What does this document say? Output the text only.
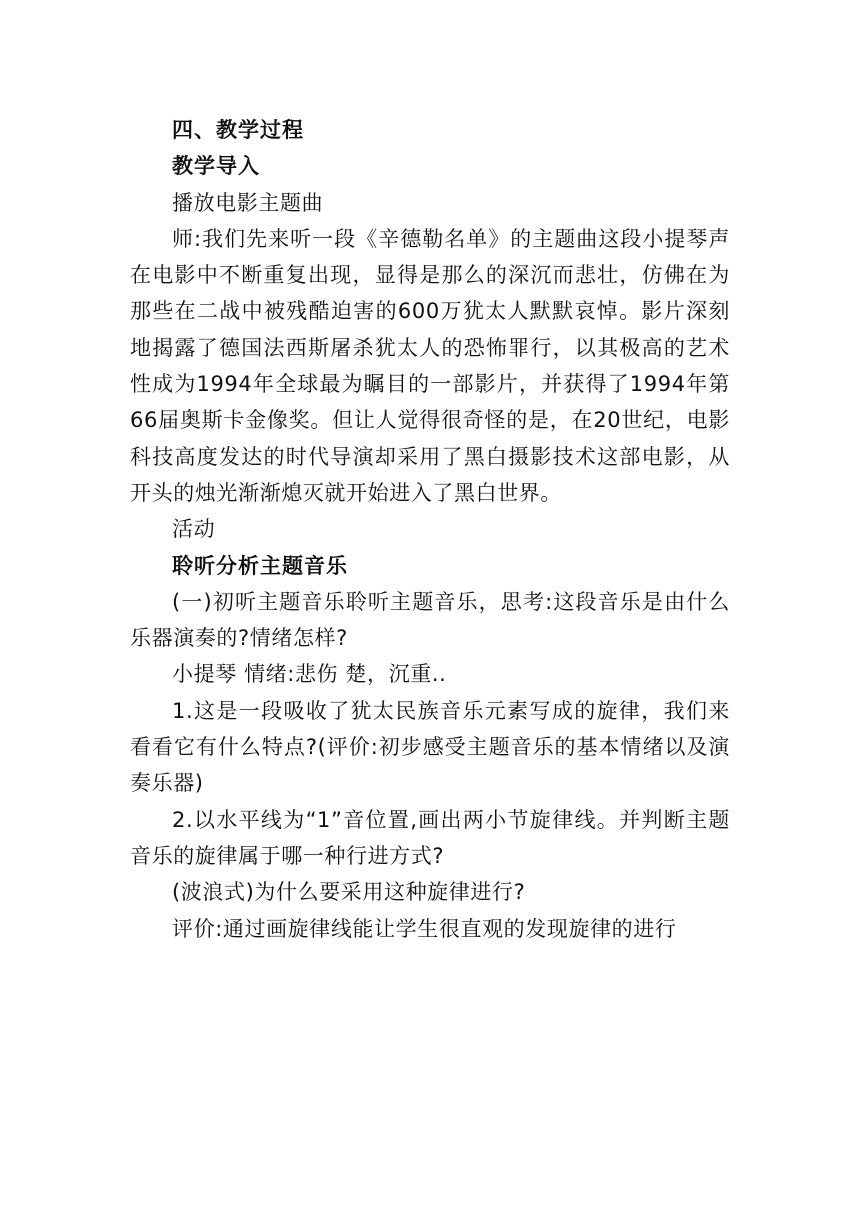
四、教学过程

教学导入

播放电影主题曲

师:我们先来听一段《辛德勒名单》的主题曲这段小提琴声在电影中不断重复出现，显得是那么的深沉而悲壮，仿佛在为那些在二战中被残酷迫害的600万犹太人默默哀悼。影片深刻地揭露了德国法西斯屠杀犹太人的恐怖罪行，以其极高的艺术性成为1994年全球最为瞩目的一部影片，并获得了1994年第66届奥斯卡金像奖。但让人觉得很奇怪的是，在20世纪，电影科技高度发达的时代导演却采用了黑白摄影技术这部电影，从开头的烛光渐渐熄灭就开始进入了黑白世界。

活动

聆听分析主题音乐

(一)初听主题音乐聆听主题音乐，思考:这段音乐是由什么乐器演奏的?情绪怎样?

小提琴 情绪:悲伤 楚，沉重..

1.这是一段吸收了犹太民族音乐元素写成的旋律，我们来看看它有什么特点?(评价:初步感受主题音乐的基本情绪以及演奏乐器)

2.以水平线为“1”音位置,画出两小节旋律线。并判断主题音乐的旋律属于哪一种行进方式?

(波浪式)为什么要采用这种旋律进行?

评价:通过画旋律线能让学生很直观的发现旋律的进行
